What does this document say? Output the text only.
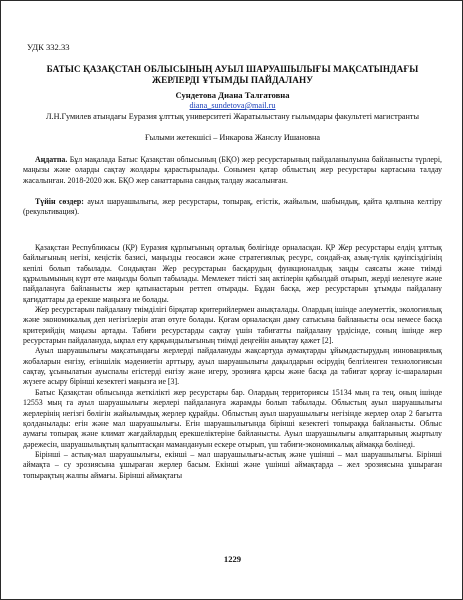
УДК 332.33
БАТЫС ҚАЗАҚСТАН ОБЛЫСЫНЫҢ АУЫЛ ШАРУАШЫЛЫҒЫ МАҚСАТЫНДАҒЫ
ЖЕРЛЕРДІ ҰТЫМДЫ ПАЙДАЛАНУ
Сундетова Диана Талгатовна
diana_sundetova@mail.ru
Л.Н.Гумилев атындағы Еуразия ұлттық университеті Жаратылыстану ғылымдары факультеті магистранты
Ғылыми жетекшісі – Инкарова Жанслу Ишановна
Аңдатпа. Бұл мақалада Батыс Қазақстан облысының (БҚО) жер ресурстарының пайдаланылуына байланысты түрлері, маңызы және оларды сақтау жолдары қарастырылады. Сонымен қатар облыстың жер ресурстары картасына талдау жасалынған. 2018-2020 жж. БҚО жер санаттарына сандық талдау жасалынған.
Түйін сөздер: ауыл шаруашылығы, жер ресурстары, топырақ, егістік, жайылым, шабындық, қайта қалпына келтіру (рекультивация).

Қазақстан Республикасы (ҚР) Еуразия құрлығының орталық бөлігінде орналасқан. ҚР Жер ресурстары елдің ұлттық байлығының негізі, кеңістік базисі, маңызды геосаяси және стратегиялық ресурс, сондай-ақ азық-түлік қауіпсіздігінің кепілі болып табылады. Сондықтан Жер ресурстарын басқарудың функционалдық заңды саясаты және тиімді құрылымының күрт өте маңызды болып табылады. Мемлекет тиісті заң актілерін қабылдай отырып, жерді иеленуге және пайдалануға байланысты жер қатынастарын реттеп отырады. Бұдан басқа, жер ресурстарын ұтымды пайдалану қағидаттары да ерекше маңызға ие болады.

Жер ресурстарын пайдалану тиімділігі бірқатар критерийлермен анықталады. Олардың ішінде әлеуметтік, экологиялық және экономикалық деп негізгілерін атап өтуге болады. Қоғам орналасқан даму сатысына байланысты осы немесе басқа критерийдің маңызы артады. Табиғи ресурстарды сақтау үшін табиғатты пайдалану үрдісінде, соның ішінде жер ресурстарын пайдалануда, ықпал ету қарқындылығының тиімді деңгейін анықтау қажет [2].

Ауыл шаруашылығы мақсатындағы жерлерді пайдалануды жақсартуда аумақтарды ұйымдастырудың инновациялық жобаларын енгізу, егіншілік мәдениетін арттыру, ауыл шаруашылығы дақылдарын өсірудің белгіленген технологиясын сақтау, ұсынылатын ауыспалы егістерді енгізу және игеру, эрозияға қарсы және басқа да табиғат қорғау іс-шараларын жүзеге асыру бірінші кезектегі маңызға ие [3].

Батыс Қазақстан облысында жеткілікті жер ресурстары бар. Олардың территориясы 15134 мың га тең, оның ішінде 12553 мың га ауыл шаруашылығы жерлері пайдалануға жарамды болып табылады. Облыстың ауыл шаруашылығы жерлерінің негізгі бөлігін жайылымдық жерлер құрайды. Облыстың ауыл шаруашылығы негізінде жерлер олар 2 бағытта қолданылады: егін және мал шаруашылығы. Егін шаруашылығында бірінші кезектегі топыраққа байланысты. Облыс аумағы топырақ және климат жағдайлардың ерекшеліктеріне байланысты. Ауыл шаруашылығы алқаптарының жыртылу дәрежесін, шаруашылықтың қалыптасқан мамандануын ескере отырып, үш табиғи-экономикалық аймаққа бөлінеді.

Бірінші – астық-мал шаруашылығы, екінші – мал шаруашылығы-астық және үшінші – мал шаруашылығы. Бірінші аймақта – су эрозиясына ұшыраған жерлер басым. Екінші және үшінші аймақтарда – жел эрозиясына ұшыраған топырақтың жалпы аймағы. Бірінші аймақтағы

1229
